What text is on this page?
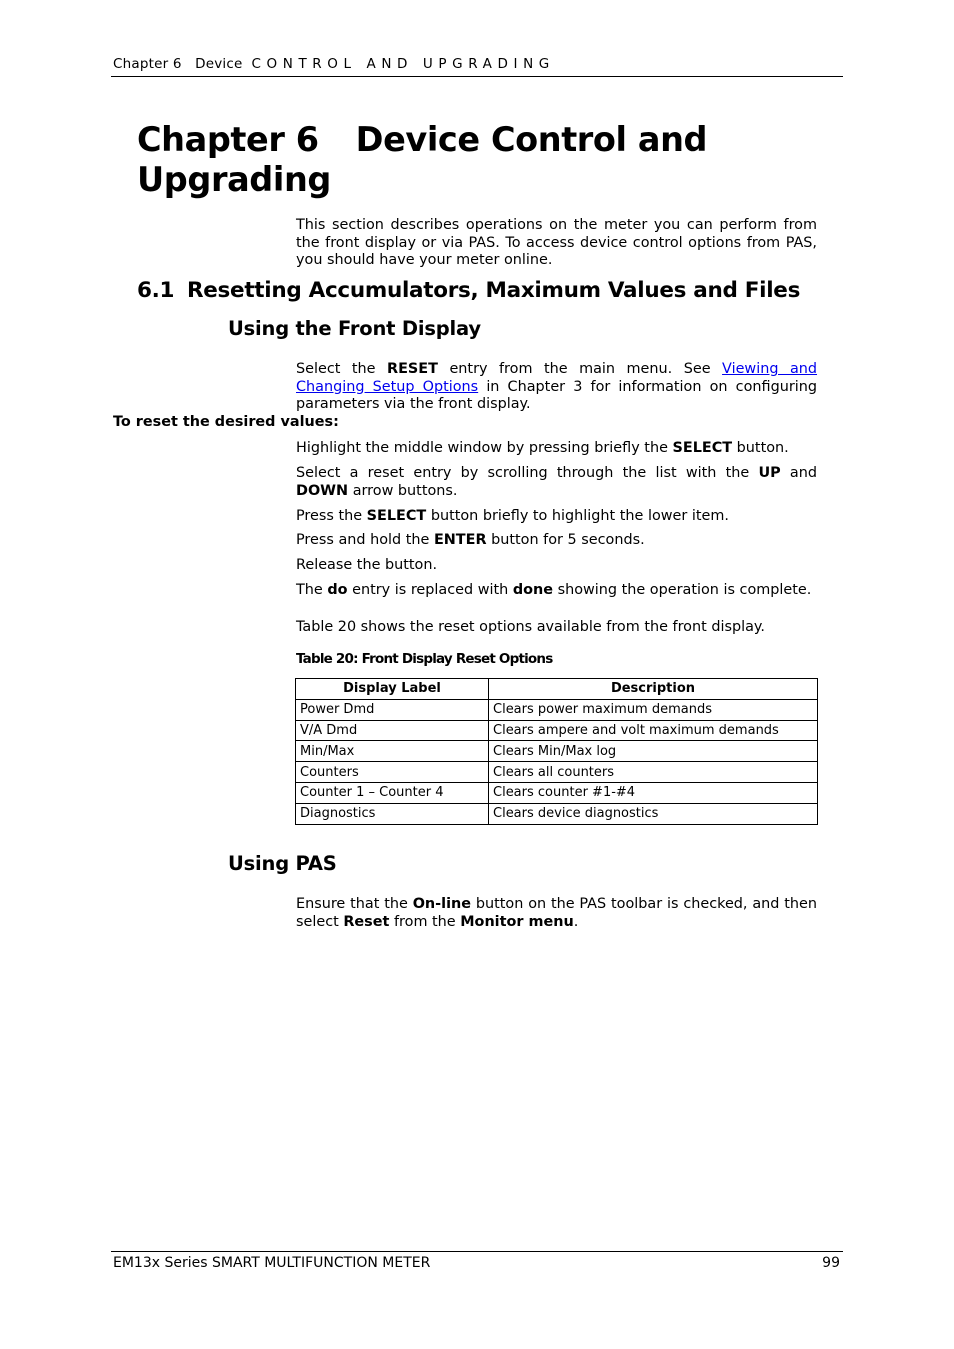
Chapter 6 Device CONTROL AND UPGRADING
Chapter 6 Device Control and
Upgrading

This section describes operations on the meter you can perform from the front display or via PAS. To access device control options from PAS, you should have your meter online.

6.1 Resetting Accumulators, Maximum Values and Files
Using the Front Display

Select the RESET entry from the main menu. See Viewing and Changing Setup Options in Chapter 3 for information on configuring parameters via the front display.

To reset the desired values:

Highlight the middle window by pressing briefly the SELECT button.

Select a reset entry by scrolling through the list with the UP and DOWN arrow buttons.

Press the SELECT button briefly to highlight the lower item.

Press and hold the ENTER button for 5 seconds.

Release the button.

The do entry is replaced with done showing the operation is complete.

Table 20 shows the reset options available from the front display.

Table 20: Front Display Reset Options
Display Label	Description
Power Dmd	Clears power maximum demands
V/A Dmd	Clears ampere and volt maximum demands
Min/Max	Clears Min/Max log
Counters	Clears all counters
Counter 1 – Counter 4	Clears counter #1-#4
Diagnostics	Clears device diagnostics
Using PAS

Ensure that the On-line button on the PAS toolbar is checked, and then select Reset from the Monitor menu.

EM13x Series SMART MULTIFUNCTION METER	99
